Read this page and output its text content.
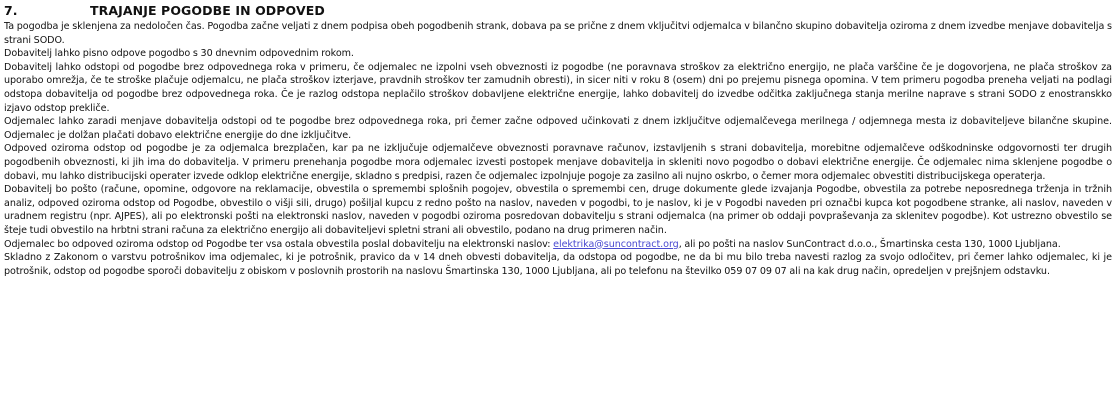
7.	TRAJANJE POGODBE IN ODPOVED

Ta pogodba je sklenjena za nedoločen čas. Pogodba začne veljati z dnem podpisa obeh pogodbenih strank, dobava pa se prične z dnem vključitvi odjemalca v bilančno skupino dobavitelja oziroma z dnem izvedbe menjave dobavitelja s strani SODO.

Dobavitelj lahko pisno odpove pogodbo s 30 dnevnim odpovednim rokom.

Dobavitelj lahko odstopi od pogodbe brez odpovednega roka v primeru, če odjemalec ne izpolni vseh obveznosti iz pogodbe (ne poravnava stroškov za električno energijo, ne plača varščine če je dogovorjena, ne plača stroškov za uporabo omrežja, če te stroške plačuje odjemalcu, ne plača stroškov izterjave, pravdnih stroškov ter zamudnih obresti), in sicer niti v roku 8 (osem) dni po prejemu pisnega opomina. V tem primeru pogodba preneha veljati na podlagi odstopa dobavitelja od pogodbe brez odpovednega roka. Če je razlog odstopa neplačilo stroškov dobavljene električne energije, lahko dobavitelj do izvedbe odčitka zaključnega stanja merilne naprave s strani SODO z enostranskko izjavo odstop prekliče.

Odjemalec lahko zaradi menjave dobavitelja odstopi od te pogodbe brez odpovednega roka, pri čemer začne odpoved učinkovati z dnem izključitve odjemalčevega merilnega / odjemnega mesta iz dobaviteljeve bilančne skupine. Odjemalec je dolžan plačati dobavo električne energije do dne izključitve.

Odpoved oziroma odstop od pogodbe je za odjemalca brezplačen, kar pa ne izključuje odjemalčeve obveznosti poravnave računov, izstavljenih s strani dobavitelja, morebitne odjemalčeve odškodninske odgovornosti ter drugih pogodbenih obveznosti, ki jih ima do dobavitelja. V primeru prenehanja pogodbe mora odjemalec izvesti postopek menjave dobavitelja in skleniti novo pogodbo o dobavi električne energije. Če odjemalec nima sklenjene pogodbe o dobavi, mu lahko distribucijski operater izvede odklop električne energije, skladno s predpisi, razen če odjemalec izpolnjuje pogoje za zasilno ali nujno oskrbo, o čemer mora odjemalec obvestiti distribucijskega operaterja.

Dobavitelj bo pošto (račune, opomine, odgovore na reklamacije, obvestila o spremembi splošnih pogojev, obvestila o spremembi cen, druge dokumente glede izvajanja Pogodbe, obvestila za potrebe neposrednega trženja in tržnih analiz, odpoved oziroma odstop od Pogodbe, obvestilo o višji sili, drugo) pošiljal kupcu z redno pošto na naslov, naveden v pogodbi, to je naslov, ki je v Pogodbi naveden pri označbi kupca kot pogodbene stranke, ali naslov, naveden v uradnem registru (npr. AJPES), ali po elektronski pošti na elektronski naslov, naveden v pogodbi oziroma posredovan dobavitelju s strani odjemalca (na primer ob oddaji povpraševanja za sklenitev pogodbe). Kot ustrezno obvestilo se šteje tudi obvestilo na hrbtni strani računa za električno energijo ali dobaviteljevi spletni strani ali obvestilo, podano na drug primeren način.

Odjemalec bo odpoved oziroma odstop od Pogodbe ter vsa ostala obvestila poslal dobavitelju na elektronski naslov: elektrika@suncontract.org, ali po pošti na naslov SunContract d.o.o., Šmartinska cesta 130, 1000 Ljubljana.

Skladno z Zakonom o varstvu potrošnikov ima odjemalec, ki je potrošnik, pravico da v 14 dneh obvesti dobavitelja, da odstopa od pogodbe, ne da bi mu bilo treba navesti razlog za svojo odločitev, pri čemer lahko odjemalec, ki je potrošnik, odstop od pogodbe sporoči dobavitelju z obiskom v poslovnih prostorih na naslovu Šmartinska 130, 1000 Ljubljana, ali po telefonu na številko 059 07 09 07 ali na kak drug način, opredeljen v prejšnjem odstavku.
